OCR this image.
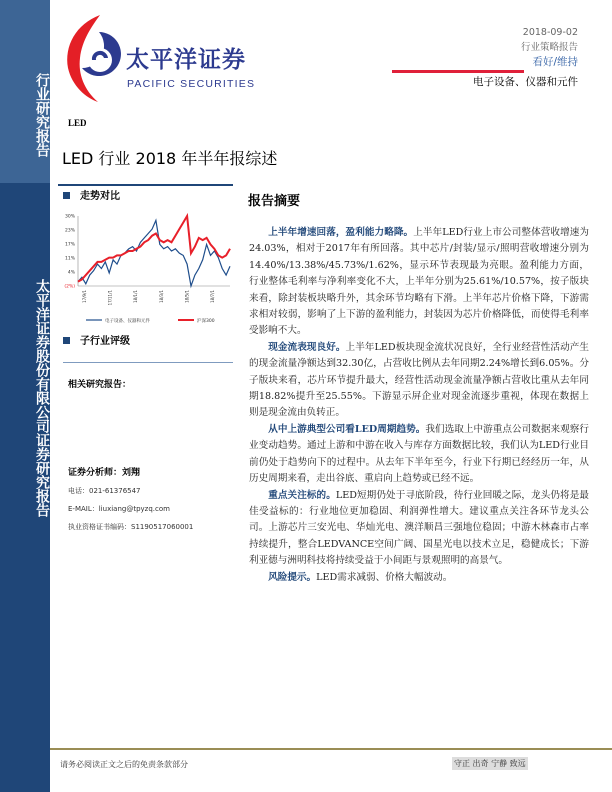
行业研究报告
太平洋证券股份有限公司证券研究报告
太平洋证券
PACIFIC SECURITIES
2018-09-02
行业策略报告
看好/维持
电子设备、仪器和元件
LED
LED 行业 2018 年半年报综述
走势对比
30%
23%
17%
11%
4%
(2%)
17/9/1	17/11/1	18/1/1	18/3/1	18/5/1	18/7/1
电子设备、仪器和元件	沪深300
子行业评级
相关研究报告：
证券分析师：刘翔
电话：021-61376547
E-MAIL：liuxiang@tpyzq.com
执业资格证书编码：S1190517060001
报告摘要

上半年增速回落，盈利能力略降。上半年LED行业上市公司整体营收增速为24.03%，相对于2017年有所回落。其中芯片/封装/显示/照明营收增速分别为14.40%/13.38%/45.73%/1.62%，显示环节表现最为亮眼。盈利能力方面，行业整体毛利率与净利率变化不大，上半年分别为25.61%/10.57%，按子版块来看，除封装板块略升外，其余环节均略有下滑。上半年芯片价格下降，下游需求相对较弱，影响了上下游的盈利能力，封装因为芯片价格降低，而使得毛利率受影响不大。

现金流表现良好。上半年LED板块现金流状况良好，全行业经营性活动产生的现金流量净额达到32.30亿，占营收比例从去年同期2.24%增长到6.05%。分子版块来看，芯片环节提升最大，经营性活动现金流量净额占营收比重从去年同期18.82%提升至25.55%。下游显示屏企业对现金流逐步重视，体现在数据上则是现金流由负转正。

从中上游典型公司看LED周期趋势。我们选取上中游重点公司数据来观察行业变动趋势。通过上游和中游在收入与库存方面数据比较，我们认为LED行业目前仍处于趋势向下的过程中。从去年下半年至今，行业下行期已经经历一年，从历史周期来看，走出谷底、重启向上趋势或已经不远。

重点关注标的。LED短期仍处于寻底阶段，待行业回暖之际，龙头仍将是最佳受益标的：行业地位更加稳固、利润弹性增大。建议重点关注各环节龙头公司。上游芯片三安光电、华灿光电、澳洋顺昌三强地位稳固；中游木林森市占率持续提升，整合LEDVANCE空间广阔、国星光电以技术立足，稳健成长；下游利亚德与洲明科技将持续受益于小间距与景观照明的高景气。

风险提示。LED需求减弱、价格大幅波动。

请务必阅读正文之后的免责条款部分	守正 出奇 宁静 致远
